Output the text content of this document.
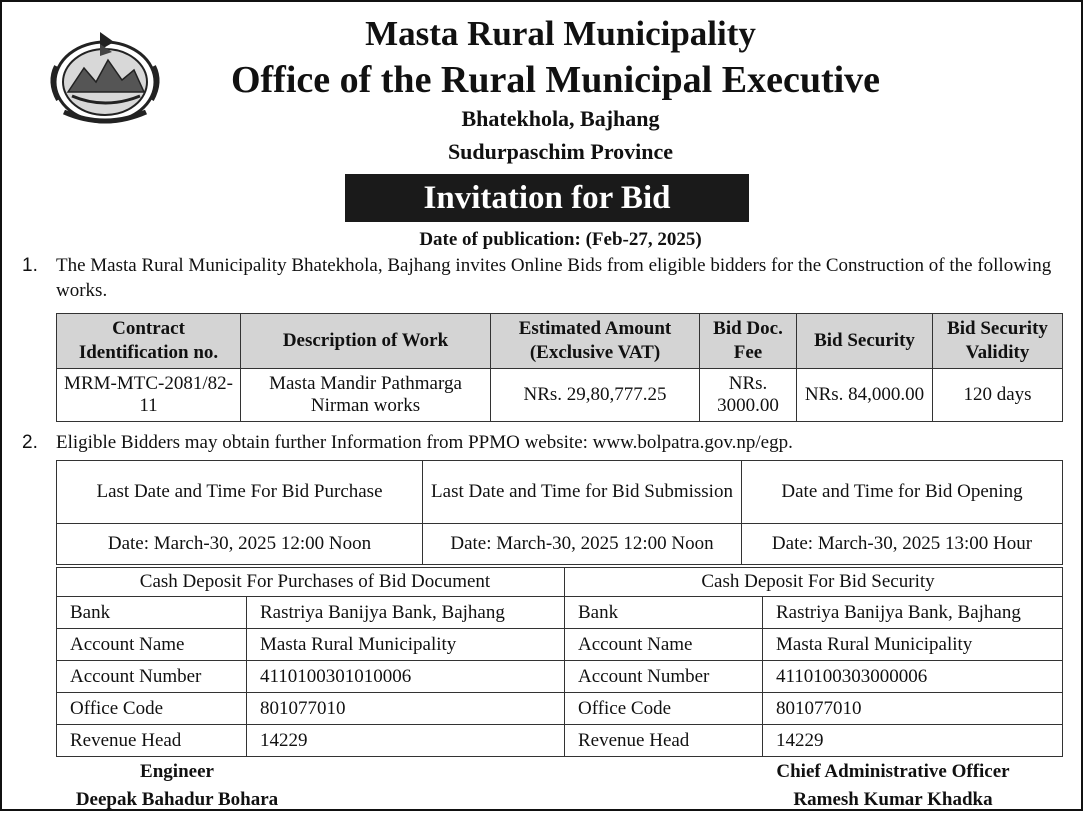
Masta Rural Municipality
Office of the Rural Municipal Executive
Bhatekhola, Bajhang
Sudurpaschim Province
Invitation for Bid
Date of publication: (Feb-27, 2025)
1. The Masta Rural Municipality Bhatekhola, Bajhang invites Online Bids from eligible bidders for the Construction of the following works.
Contract Identification no.	Description of Work	Estimated Amount (Exclusive VAT)	Bid Doc. Fee	Bid Security	Bid Security Validity
MRM-MTC-2081/82-11	Masta Mandir Pathmarga Nirman works	NRs. 29,80,777.25	NRs. 3000.00	NRs. 84,000.00	120 days
2. Eligible Bidders may obtain further Information from PPMO website: www.bolpatra.gov.np/egp.
Last Date and Time For Bid Purchase	Last Date and Time for Bid Submission	Date and Time for Bid Opening
Date: March-30, 2025 12:00 Noon	Date: March-30, 2025 12:00 Noon	Date: March-30, 2025 13:00 Hour
Cash Deposit For Purchases of Bid Document		Cash Deposit For Bid Security	
Bank	Rastriya Banijya Bank, Bajhang	Bank	Rastriya Banijya Bank, Bajhang
Account Name	Masta Rural Municipality	Account Name	Masta Rural Municipality
Account Number	4110100301010006	Account Number	4110100303000006
Office Code	801077010	Office Code	801077010
Revenue Head	14229	Revenue Head	14229
Engineer
Deepak Bahadur Bohara
Chief Administrative Officer
Ramesh Kumar Khadka
